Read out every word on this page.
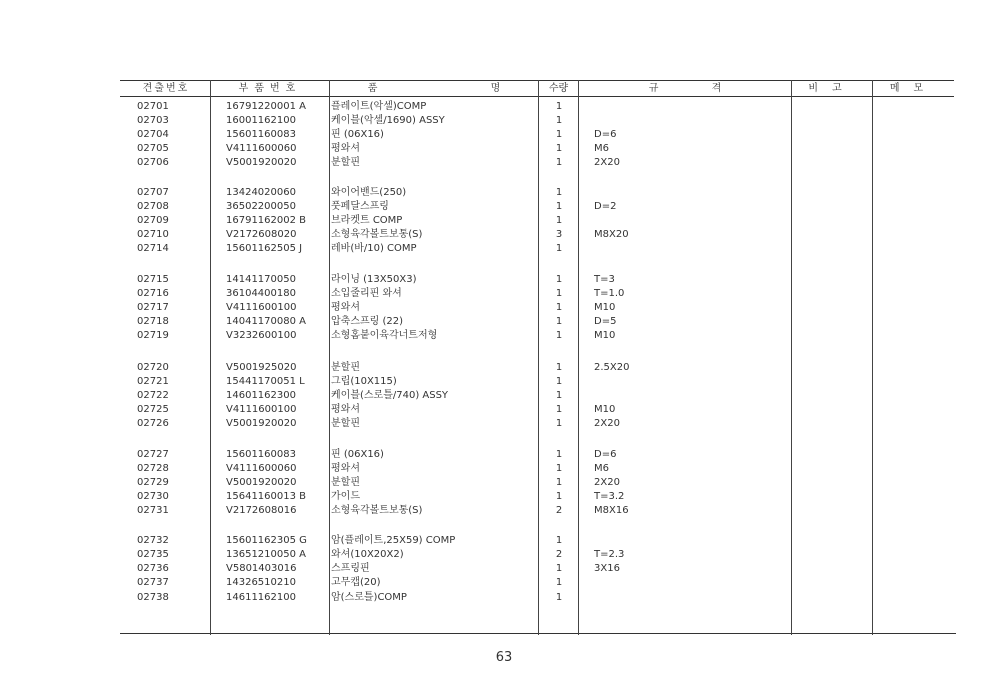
견출번호	부품번호	품 명	수량	규 격	비고	메모
02701	16791220001 A	플레이트(악셀)COMP	1
02703	16001162100	케이블(악셀/1690) ASSY	1
02704	15601160083	핀 (06X16)	1	D=6
02705	V4111600060	평와셔	1	M6
02706	V5001920020	분할핀	1	2X20
02707	13424020060	와이어밴드(250)	1
02708	36502200050	풋페달스프링	1	D=2
02709	16791162002 B	브라켓트 COMP	1
02710	V2172608020	소형육각볼트보통(S)	3	M8X20
02714	15601162505 J	레바(바/10) COMP	1
02715	14141170050	라이닝 (13X50X3)	1	T=3
02716	36104400180	소입줄리핀 와셔	1	T=1.0
02717	V4111600100	평와셔	1	M10
02718	14041170080 A	압축스프링 (22)	1	D=5
02719	V3232600100	소형홈붙이육각너트저형	1	M10
02720	V5001925020	분할핀	1	2.5X20
02721	15441170051 L	그립(10X115)	1
02722	14601162300	케이블(스로틀/740) ASSY	1
02725	V4111600100	평와셔	1	M10
02726	V5001920020	분할핀	1	2X20
02727	15601160083	핀 (06X16)	1	D=6
02728	V4111600060	평와셔	1	M6
02729	V5001920020	분할핀	1	2X20
02730	15641160013 B	가이드	1	T=3.2
02731	V2172608016	소형육각볼트보통(S)	2	M8X16
02732	15601162305 G	암(플레이트,25X59) COMP	1
02735	13651210050 A	와셔(10X20X2)	2	T=2.3
02736	V5801403016	스프링핀	1	3X16
02737	14326510210	고무캡(20)	1
02738	14611162100	암(스로틀)COMP	1
63
